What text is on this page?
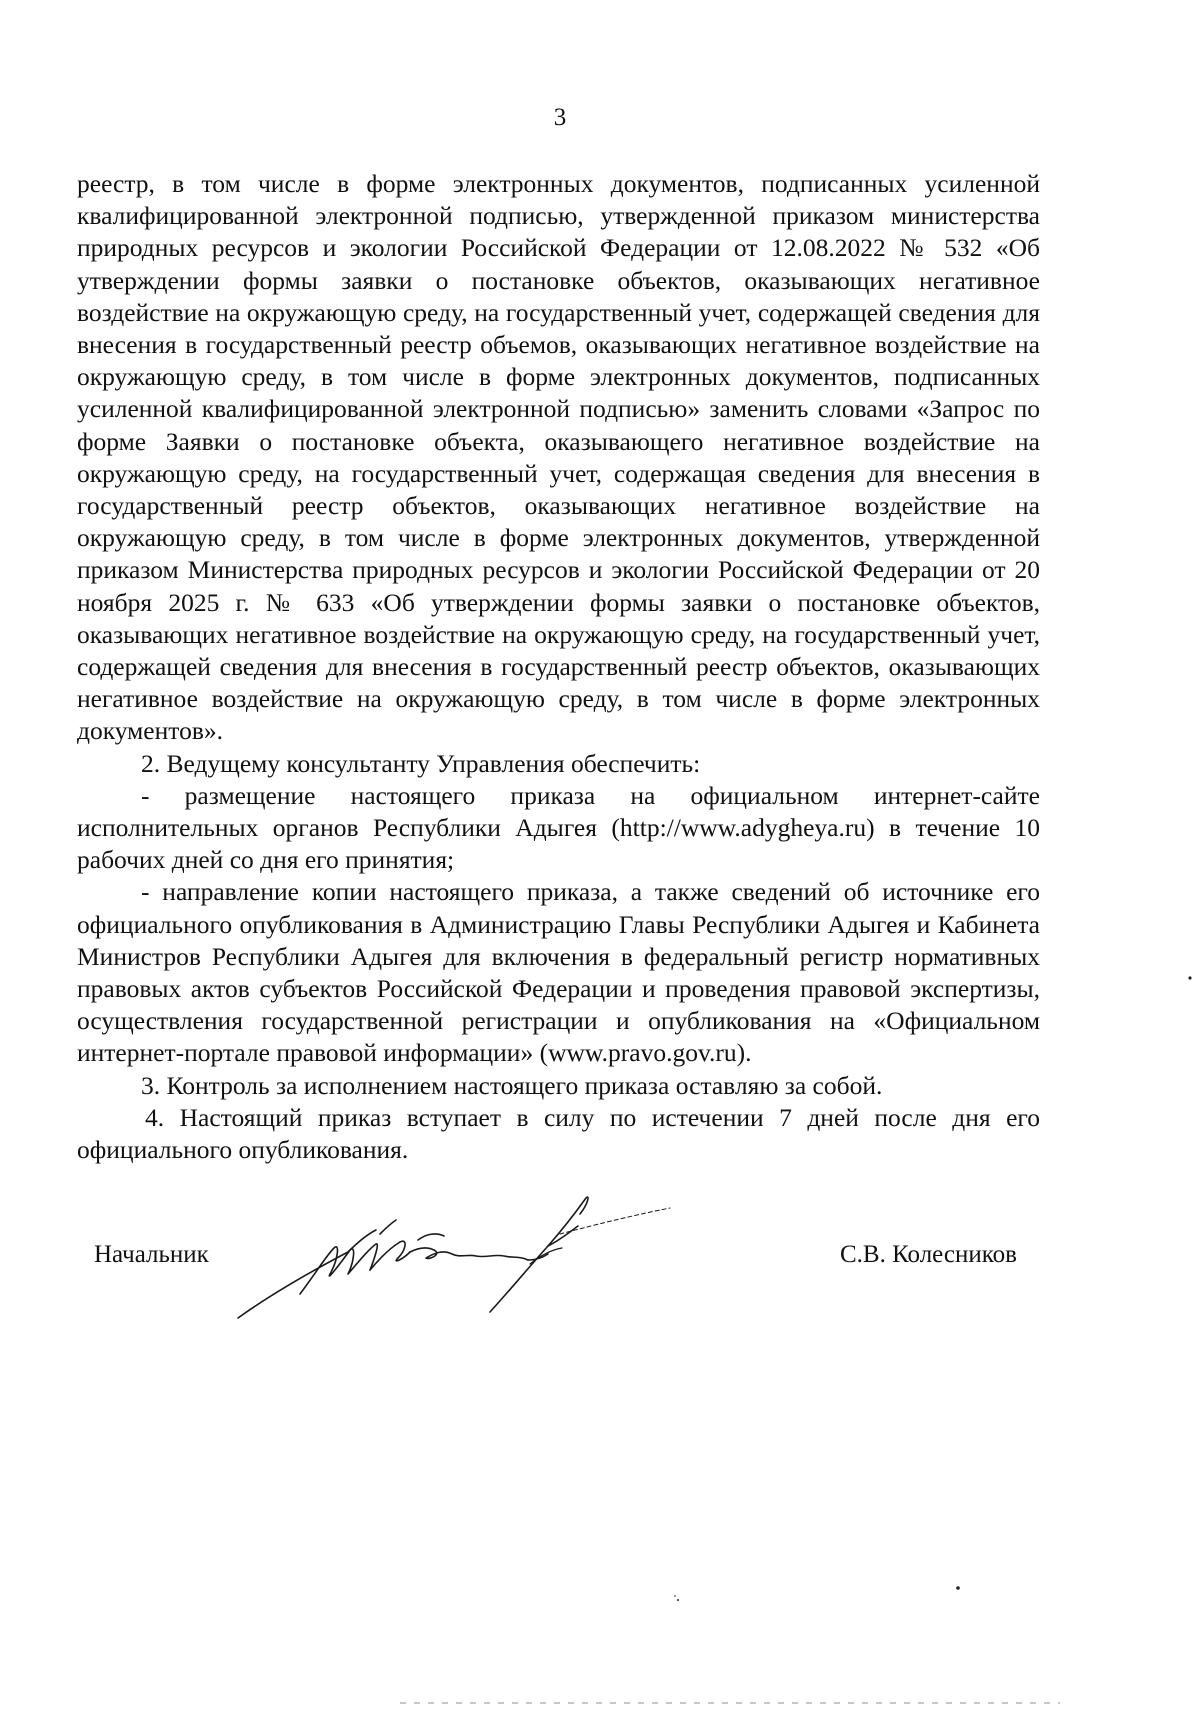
3

реестр, в том числе в форме электронных документов, подписанных усиленной квалифицированной электронной подписью, утвержденной приказом министерства природных ресурсов и экологии Российской Федерации от 12.08.2022 № 532 «Об утверждении формы заявки о постановке объектов, оказывающих негативное воздействие на окружающую среду, на государственный учет, содержащей сведения для внесения в государственный реестр объемов, оказывающих негативное воздействие на окружающую среду, в том числе в форме электронных документов, подписанных усиленной квалифицированной электронной подписью» заменить словами «Запрос по форме Заявки о постановке объекта, оказывающего негативное воздействие на окружающую среду, на государственный учет, содержащая сведения для внесения в государственный реестр объектов, оказывающих негативное воздействие на окружающую среду, в том числе в форме электронных документов, утвержденной приказом Министерства природных ресурсов и экологии Российской Федерации от 20 ноября 2025 г. № 633 «Об утверждении формы заявки о постановке объектов, оказывающих негативное воздействие на окружающую среду, на государственный учет, содержащей сведения для внесения в государственный реестр объектов, оказывающих негативное воздействие на окружающую среду, в том числе в форме электронных документов».

2. Ведущему консультанту Управления обеспечить:

- размещение настоящего приказа на официальном интернет-сайте исполнительных органов Республики Адыгея (http://www.adygheya.ru) в течение 10 рабочих дней со дня его принятия;

- направление копии настоящего приказа, а также сведений об источнике его официального опубликования в Администрацию Главы Республики Адыгея и Кабинета Министров Республики Адыгея для включения в федеральный регистр нормативных правовых актов субъектов Российской Федерации и проведения правовой экспертизы, осуществления государственной регистрации и опубликования на «Официальном интернет-портале правовой информации» (www.pravo.gov.ru).

3. Контроль за исполнением настоящего приказа оставляю за собой.

4. Настоящий приказ вступает в силу по истечении 7 дней после дня его официального опубликования.

Начальник	С.В. Колесников
